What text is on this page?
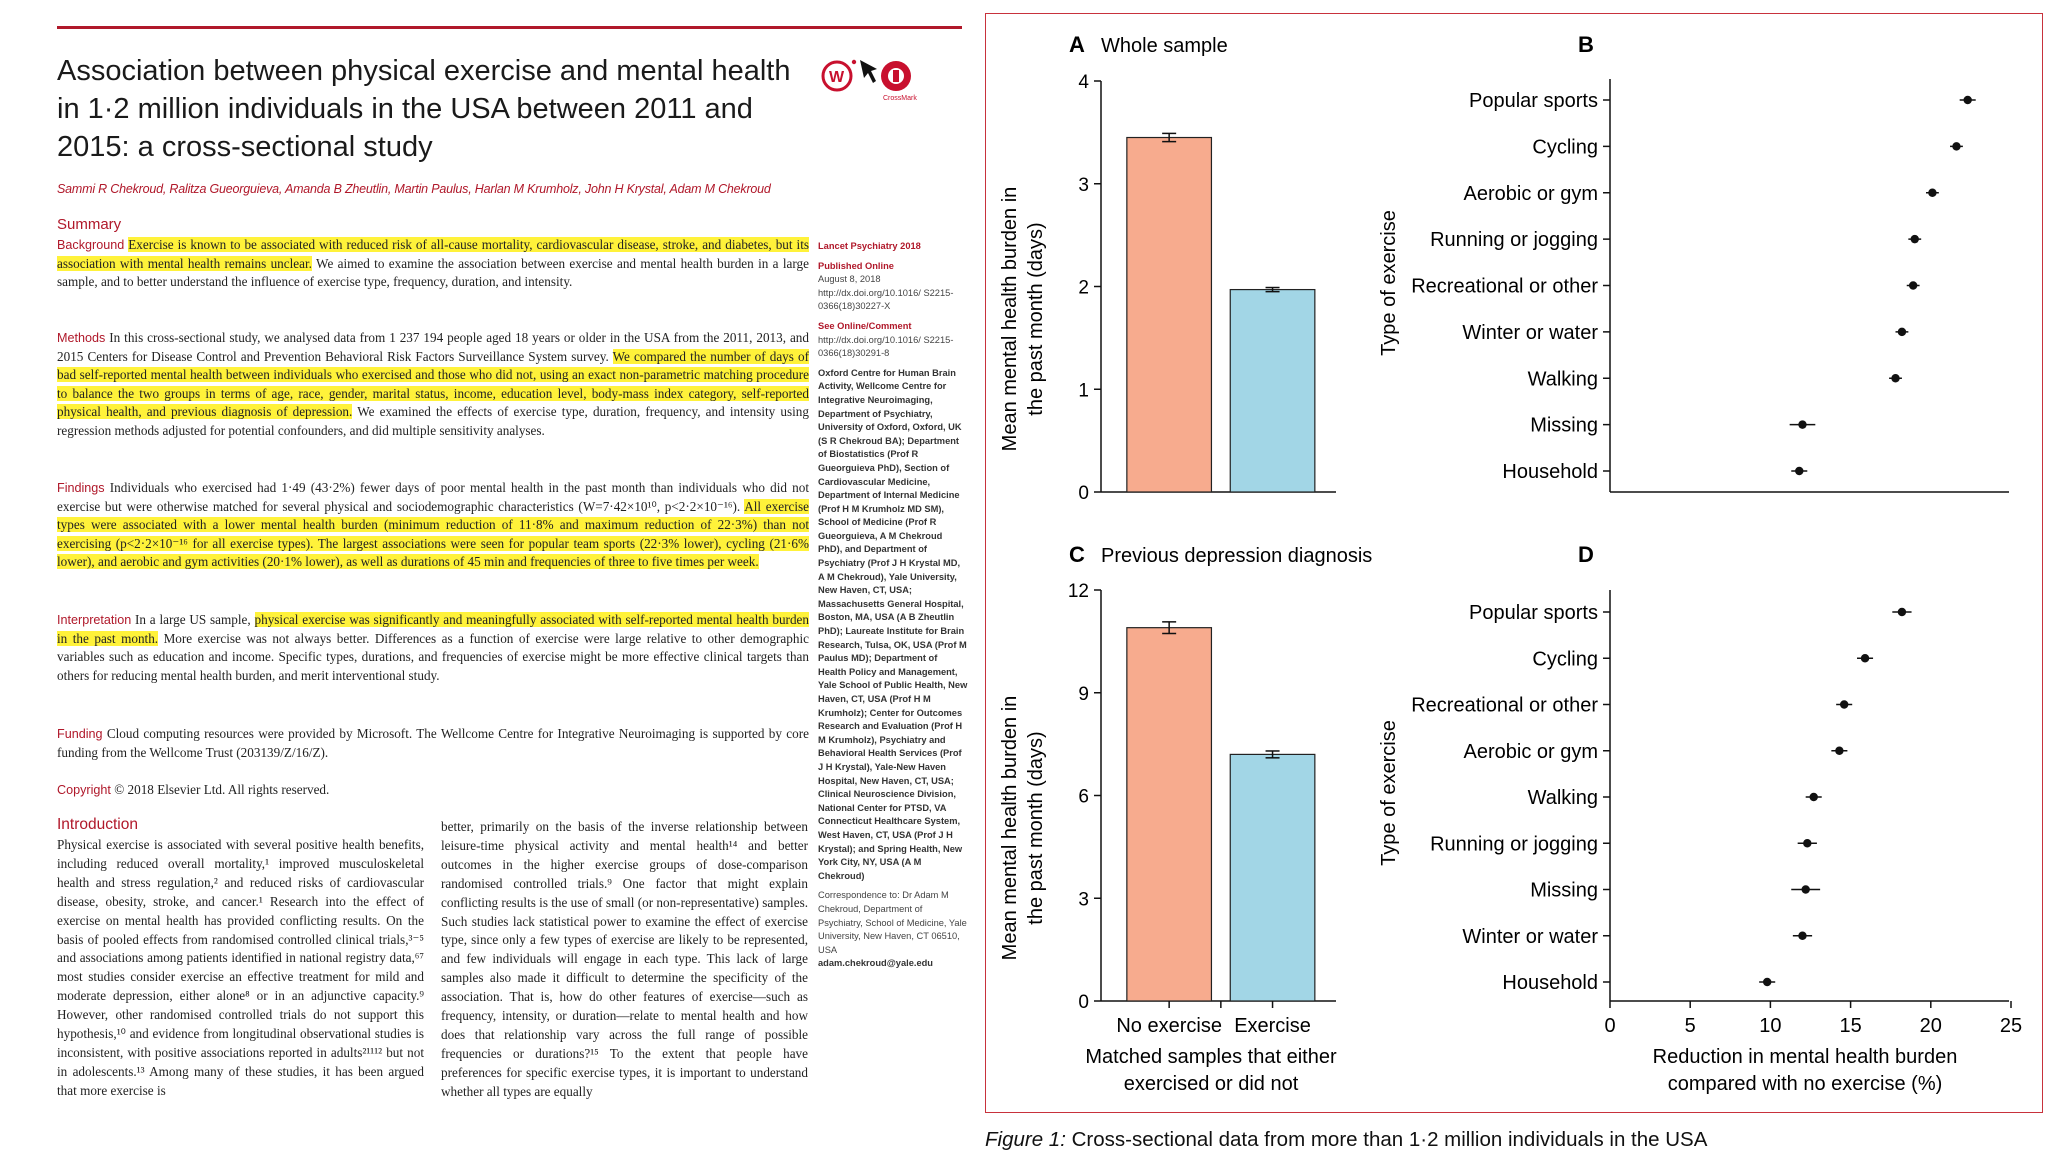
Association between physical exercise and mental health in 1·2 million individuals in the USA between 2011 and 2015: a cross-sectional study
W
CrossMark
Sammi R Chekroud, Ralitza Gueorguieva, Amanda B Zheutlin, Martin Paulus, Harlan M Krumholz, John H Krystal, Adam M Chekroud
Summary
Background Exercise is known to be associated with reduced risk of all-cause mortality, cardiovascular disease, stroke, and diabetes, but its association with mental health remains unclear. We aimed to examine the association between exercise and mental health burden in a large sample, and to better understand the influence of exercise type, frequency, duration, and intensity.
Methods In this cross-sectional study, we analysed data from 1 237 194 people aged 18 years or older in the USA from the 2011, 2013, and 2015 Centers for Disease Control and Prevention Behavioral Risk Factors Surveillance System survey. We compared the number of days of bad self-reported mental health between individuals who exercised and those who did not, using an exact non-parametric matching procedure to balance the two groups in terms of age, race, gender, marital status, income, education level, body-mass index category, self-reported physical health, and previous diagnosis of depression. We examined the effects of exercise type, duration, frequency, and intensity using regression methods adjusted for potential confounders, and did multiple sensitivity analyses.
Findings Individuals who exercised had 1·49 (43·2%) fewer days of poor mental health in the past month than individuals who did not exercise but were otherwise matched for several physical and sociodemographic characteristics (W=7·42×10¹⁰, p<2·2×10⁻¹⁶). All exercise types were associated with a lower mental health burden (minimum reduction of 11·8% and maximum reduction of 22·3%) than not exercising (p<2·2×10⁻¹⁶ for all exercise types). The largest associations were seen for popular team sports (22·3% lower), cycling (21·6% lower), and aerobic and gym activities (20·1% lower), as well as durations of 45 min and frequencies of three to five times per week.
Interpretation In a large US sample, physical exercise was significantly and meaningfully associated with self-reported mental health burden in the past month. More exercise was not always better. Differences as a function of exercise were large relative to other demographic variables such as education and income. Specific types, durations, and frequencies of exercise might be more effective clinical targets than others for reducing mental health burden, and merit interventional study.
Funding Cloud computing resources were provided by Microsoft. The Wellcome Centre for Integrative Neuroimaging is supported by core funding from the Wellcome Trust (203139/Z/16/Z).
Copyright © 2018 Elsevier Ltd. All rights reserved.
Lancet Psychiatry 2018
Published Online
August 8, 2018 http://dx.doi.org/10.1016/ S2215-0366(18)30227-X
See Online/Comment
http://dx.doi.org/10.1016/ S2215-0366(18)30291-8
Oxford Centre for Human Brain Activity, Wellcome Centre for Integrative Neuroimaging, Department of Psychiatry, University of Oxford, Oxford, UK (S R Chekroud BA); Department of Biostatistics (Prof R Gueorguieva PhD), Section of Cardiovascular Medicine, Department of Internal Medicine (Prof H M Krumholz MD SM), School of Medicine (Prof R Gueorguieva, A M Chekroud PhD), and Department of Psychiatry (Prof J H Krystal MD, A M Chekroud), Yale University, New Haven, CT, USA; Massachusetts General Hospital, Boston, MA, USA (A B Zheutlin PhD); Laureate Institute for Brain Research, Tulsa, OK, USA (Prof M Paulus MD); Department of Health Policy and Management, Yale School of Public Health, New Haven, CT, USA (Prof H M Krumholz); Center for Outcomes Research and Evaluation (Prof H M Krumholz), Psychiatry and Behavioral Health Services (Prof J H Krystal), Yale-New Haven Hospital, New Haven, CT, USA; Clinical Neuroscience Division, National Center for PTSD, VA Connecticut Healthcare System, West Haven, CT, USA (Prof J H Krystal); and Spring Health, New York City, NY, USA (A M Chekroud)
Correspondence to: Dr Adam M Chekroud, Department of Psychiatry, School of Medicine, Yale University, New Haven, CT 06510, USA
adam.chekroud@yale.edu
Introduction
Physical exercise is associated with several positive health benefits, including reduced overall mortality,¹ improved musculoskeletal health and stress regulation,² and reduced risks of cardiovascular disease, obesity, stroke, and cancer.¹ Research into the effect of exercise on mental health has provided conflicting results. On the basis of pooled effects from randomised controlled clinical trials,³⁻⁵ and associations among patients identified in national registry data,⁶⁷ most studies consider exercise an effective treatment for mild and moderate depression, either alone⁸ or in an adjunctive capacity.⁹ However, other randomised controlled trials do not support this hypothesis,¹⁰ and evidence from longitudinal observational studies is inconsistent, with positive associations reported in adults²¹¹¹² but not in adolescents.¹³ Among many of these studies, it has been argued that more exercise is
better, primarily on the basis of the inverse relationship between leisure-time physical activity and mental health¹⁴ and better outcomes in the higher exercise groups of dose-comparison randomised controlled trials.⁹ One factor that might explain conflicting results is the use of small (or non-representative) samples. Such studies lack statistical power to examine the effect of exercise type, since only a few types of exercise are likely to be represented, and few individuals will engage in each type. This lack of large samples also made it difficult to determine the specificity of the association. That is, how do other features of exercise—such as frequency, intensity, or duration—relate to mental health and how does that relationship vary across the full range of possible frequencies or durations?¹⁵ To the extent that people have preferences for specific exercise types, it is important to understand whether all types are equally
A Whole sample
0
1
2
3
4
C Previous depression diagnosis
0
3
6
9
12
No exercise Exercise
B
D
Popular sports
Cycling
Aerobic or gym
Running or jogging
Recreational or other
Winter or water
Walking
Missing
Household
Popular sports
Cycling
Recreational or other
Aerobic or gym
Walking
Running or jogging
Missing
Winter or water
Household
0	5	10	15	20	25
Mean mental health burden in the past month (days)
Mean mental health burden in the past month (days)
Type of exercise
Type of exercise
Matched samples that either
exercised or did not
Reduction in mental health burden
compared with no exercise (%)
Figure 1: Cross-sectional data from more than 1·2 million individuals in the USA
